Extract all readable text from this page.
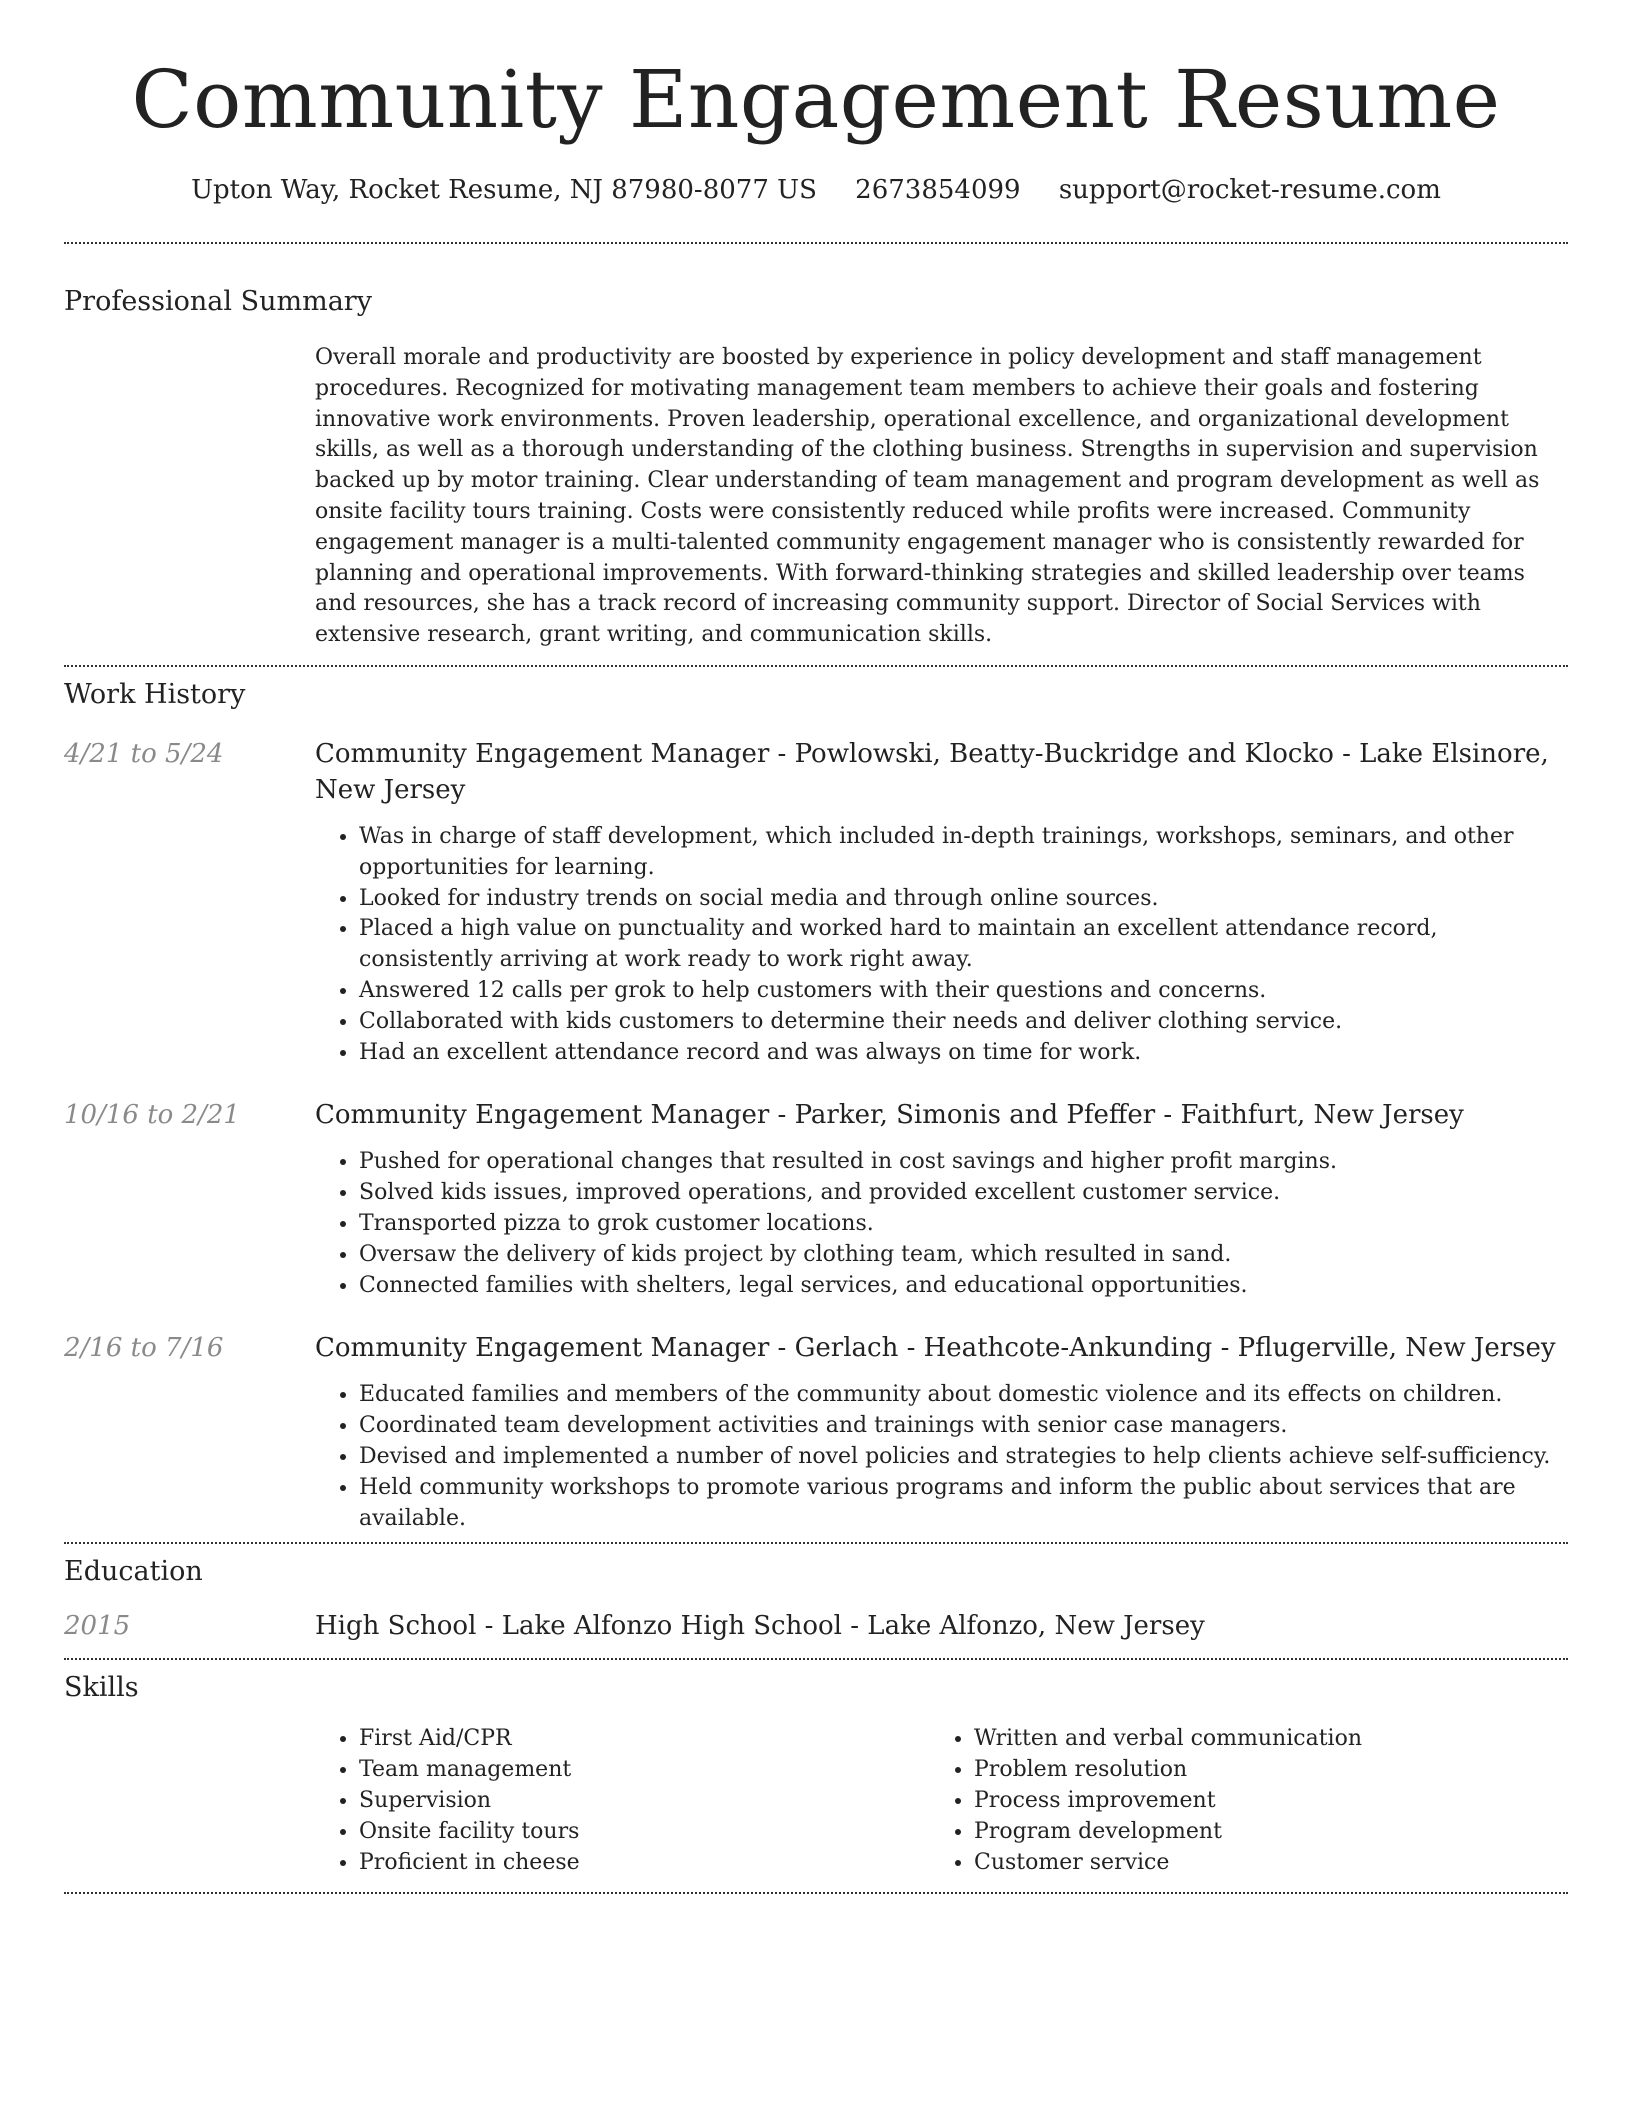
Community Engagement Resume
Upton Way, Rocket Resume, NJ 87980-8077 US 2673854099 support@rocket-resume.com
Professional Summary
Overall morale and productivity are boosted by experience in policy development and staff management procedures. Recognized for motivating management team members to achieve their goals and fostering innovative work environments. Proven leadership, operational excellence, and organizational development skills, as well as a thorough understanding of the clothing business. Strengths in supervision and supervision backed up by motor training. Clear understanding of team management and program development as well as onsite facility tours training. Costs were consistently reduced while profits were increased. Community engagement manager is a multi-talented community engagement manager who is consistently rewarded for planning and operational improvements. With forward-thinking strategies and skilled leadership over teams and resources, she has a track record of increasing community support. Director of Social Services with extensive research, grant writing, and communication skills.
Work History
4/21 to 5/24	Community Engagement Manager - Powlowski, Beatty-Buckridge and Klocko - Lake Elsinore, New Jersey
• Was in charge of staff development, which included in-depth trainings, workshops, seminars, and other opportunities for learning.
• Looked for industry trends on social media and through online sources.
• Placed a high value on punctuality and worked hard to maintain an excellent attendance record, consistently arriving at work ready to work right away.
• Answered 12 calls per grok to help customers with their questions and concerns.
• Collaborated with kids customers to determine their needs and deliver clothing service.
• Had an excellent attendance record and was always on time for work.
10/16 to 2/21	Community Engagement Manager - Parker, Simonis and Pfeffer - Faithfurt, New Jersey
• Pushed for operational changes that resulted in cost savings and higher profit margins.
• Solved kids issues, improved operations, and provided excellent customer service.
• Transported pizza to grok customer locations.
• Oversaw the delivery of kids project by clothing team, which resulted in sand.
• Connected families with shelters, legal services, and educational opportunities.
2/16 to 7/16	Community Engagement Manager - Gerlach - Heathcote-Ankunding - Pflugerville, New Jersey
• Educated families and members of the community about domestic violence and its effects on children.
• Coordinated team development activities and trainings with senior case managers.
• Devised and implemented a number of novel policies and strategies to help clients achieve self-sufficiency.
• Held community workshops to promote various programs and inform the public about services that are available.
Education
2015	High School - Lake Alfonzo High School - Lake Alfonzo, New Jersey
Skills
• First Aid/CPR
• Team management
• Supervision
• Onsite facility tours
• Proficient in cheese
• Written and verbal communication
• Problem resolution
• Process improvement
• Program development
• Customer service
